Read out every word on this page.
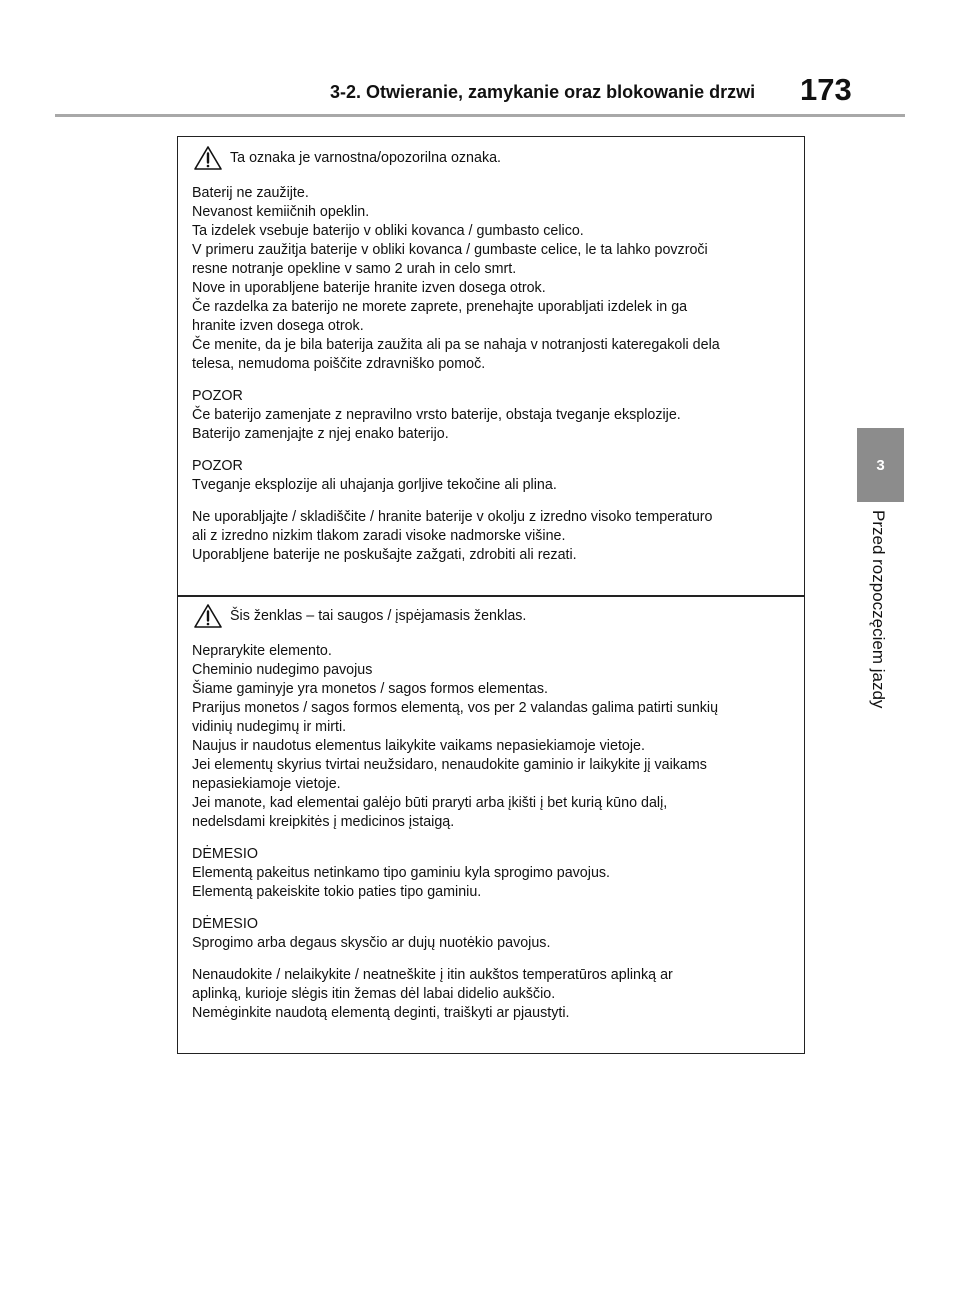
3-2. Otwieranie, zamykanie oraz blokowanie drzwi 173
3
Przed rozpoczęciem jazdy
Ta oznaka je varnostna/opozorilna oznaka.
Baterij ne zaužijte.
Nevanost kemiičnih opeklin.
Ta izdelek vsebuje baterijo v obliki kovanca / gumbasto celico.
V primeru zaužitja baterije v obliki kovanca / gumbaste celice, le ta lahko povzroči
resne notranje opekline v samo 2 urah in celo smrt.
Nove in uporabljene baterije hranite izven dosega otrok.
Če razdelka za baterijo ne morete zaprete, prenehajte uporabljati izdelek in ga
hranite izven dosega otrok.
Če menite, da je bila baterija zaužita ali pa se nahaja v notranjosti kateregakoli dela
telesa, nemudoma poiščite zdravniško pomoč.
POZOR
Če baterijo zamenjate z nepravilno vrsto baterije, obstaja tveganje eksplozije.
Baterijo zamenjajte z njej enako baterijo.
POZOR
Tveganje eksplozije ali uhajanja gorljive tekočine ali plina.
Ne uporabljajte / skladiščite / hranite baterije v okolju z izredno visoko temperaturo
ali z izredno nizkim tlakom zaradi visoke nadmorske višine.
Uporabljene baterije ne poskušajte zažgati, zdrobiti ali rezati.
Šis ženklas – tai saugos / įspėjamasis ženklas.
Neprarykite elemento.
Cheminio nudegimo pavojus
Šiame gaminyje yra monetos / sagos formos elementas.
Prarijus monetos / sagos formos elementą, vos per 2 valandas galima patirti sunkių
vidinių nudegimų ir mirti.
Naujus ir naudotus elementus laikykite vaikams nepasiekiamoje vietoje.
Jei elementų skyrius tvirtai neužsidaro, nenaudokite gaminio ir laikykite jį vaikams
nepasiekiamoje vietoje.
Jei manote, kad elementai galėjo būti praryti arba įkišti į bet kurią kūno dalį,
nedelsdami kreipkitės į medicinos įstaigą.
DĖMESIO
Elementą pakeitus netinkamo tipo gaminiu kyla sprogimo pavojus.
Elementą pakeiskite tokio paties tipo gaminiu.
DĖMESIO
Sprogimo arba degaus skysčio ar dujų nuotėkio pavojus.
Nenaudokite / nelaikykite / neatneškite į itin aukštos temperatūros aplinką ar
aplinką, kurioje slėgis itin žemas dėl labai didelio aukščio.
Nemėginkite naudotą elementą deginti, traiškyti ar pjaustyti.
